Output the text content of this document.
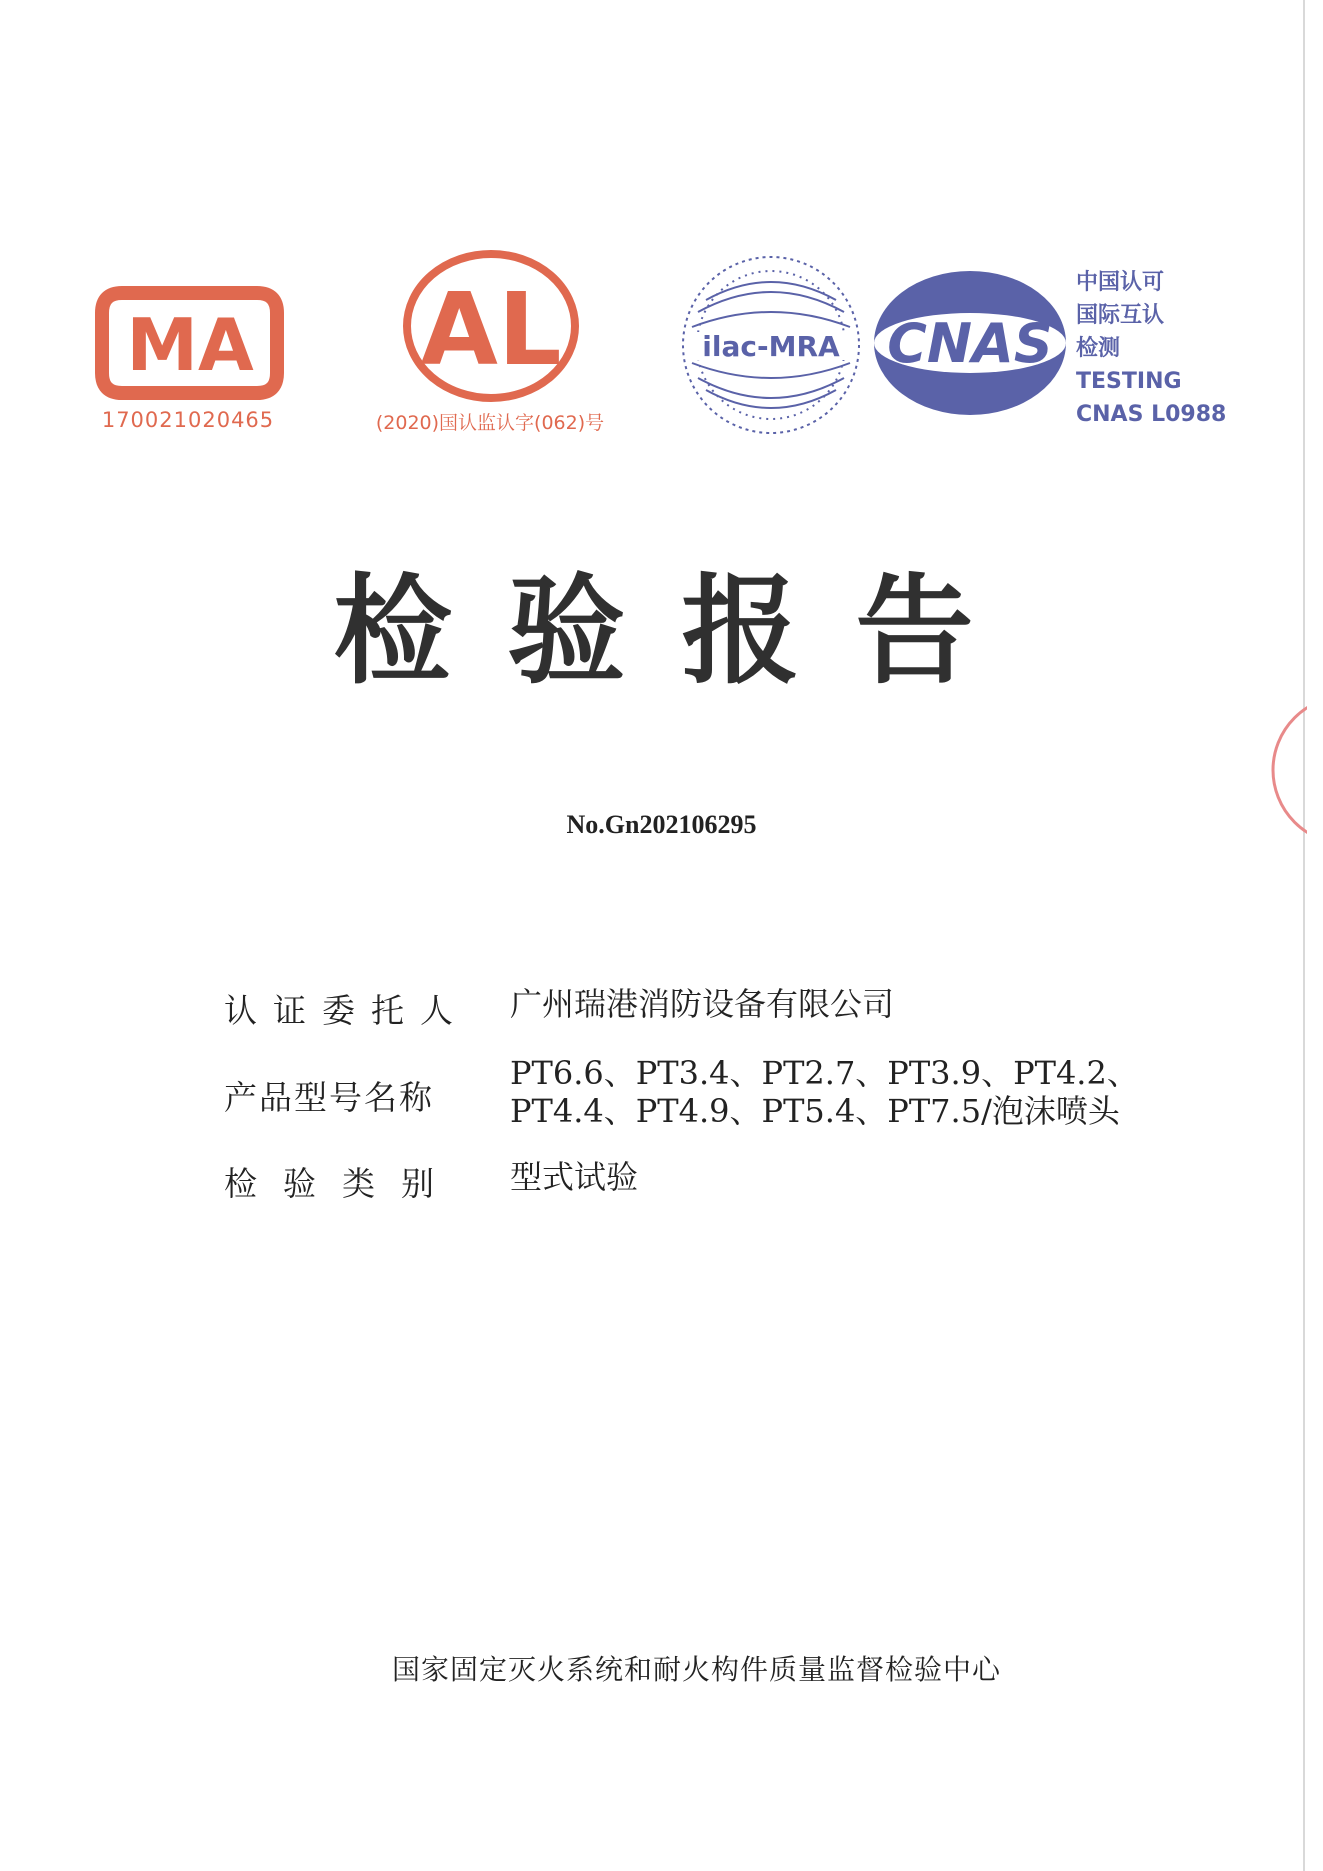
MA
170021020465
AL
(2020)国认监认字(062)号
ilac-MRA CNAS
中国认可
国际互认
检测
TESTING
CNAS L0988
检验报告
No.Gn202106295
认证委托人	广州瑞港消防设备有限公司
产品型号名称
PT6.6、PT3.4、PT2.7、PT3.9、PT4.2、
PT4.4、PT4.9、PT5.4、PT7.5/泡沫喷头
检验类别	型式试验
国家固定灭火系统和耐火构件质量监督检验中心
